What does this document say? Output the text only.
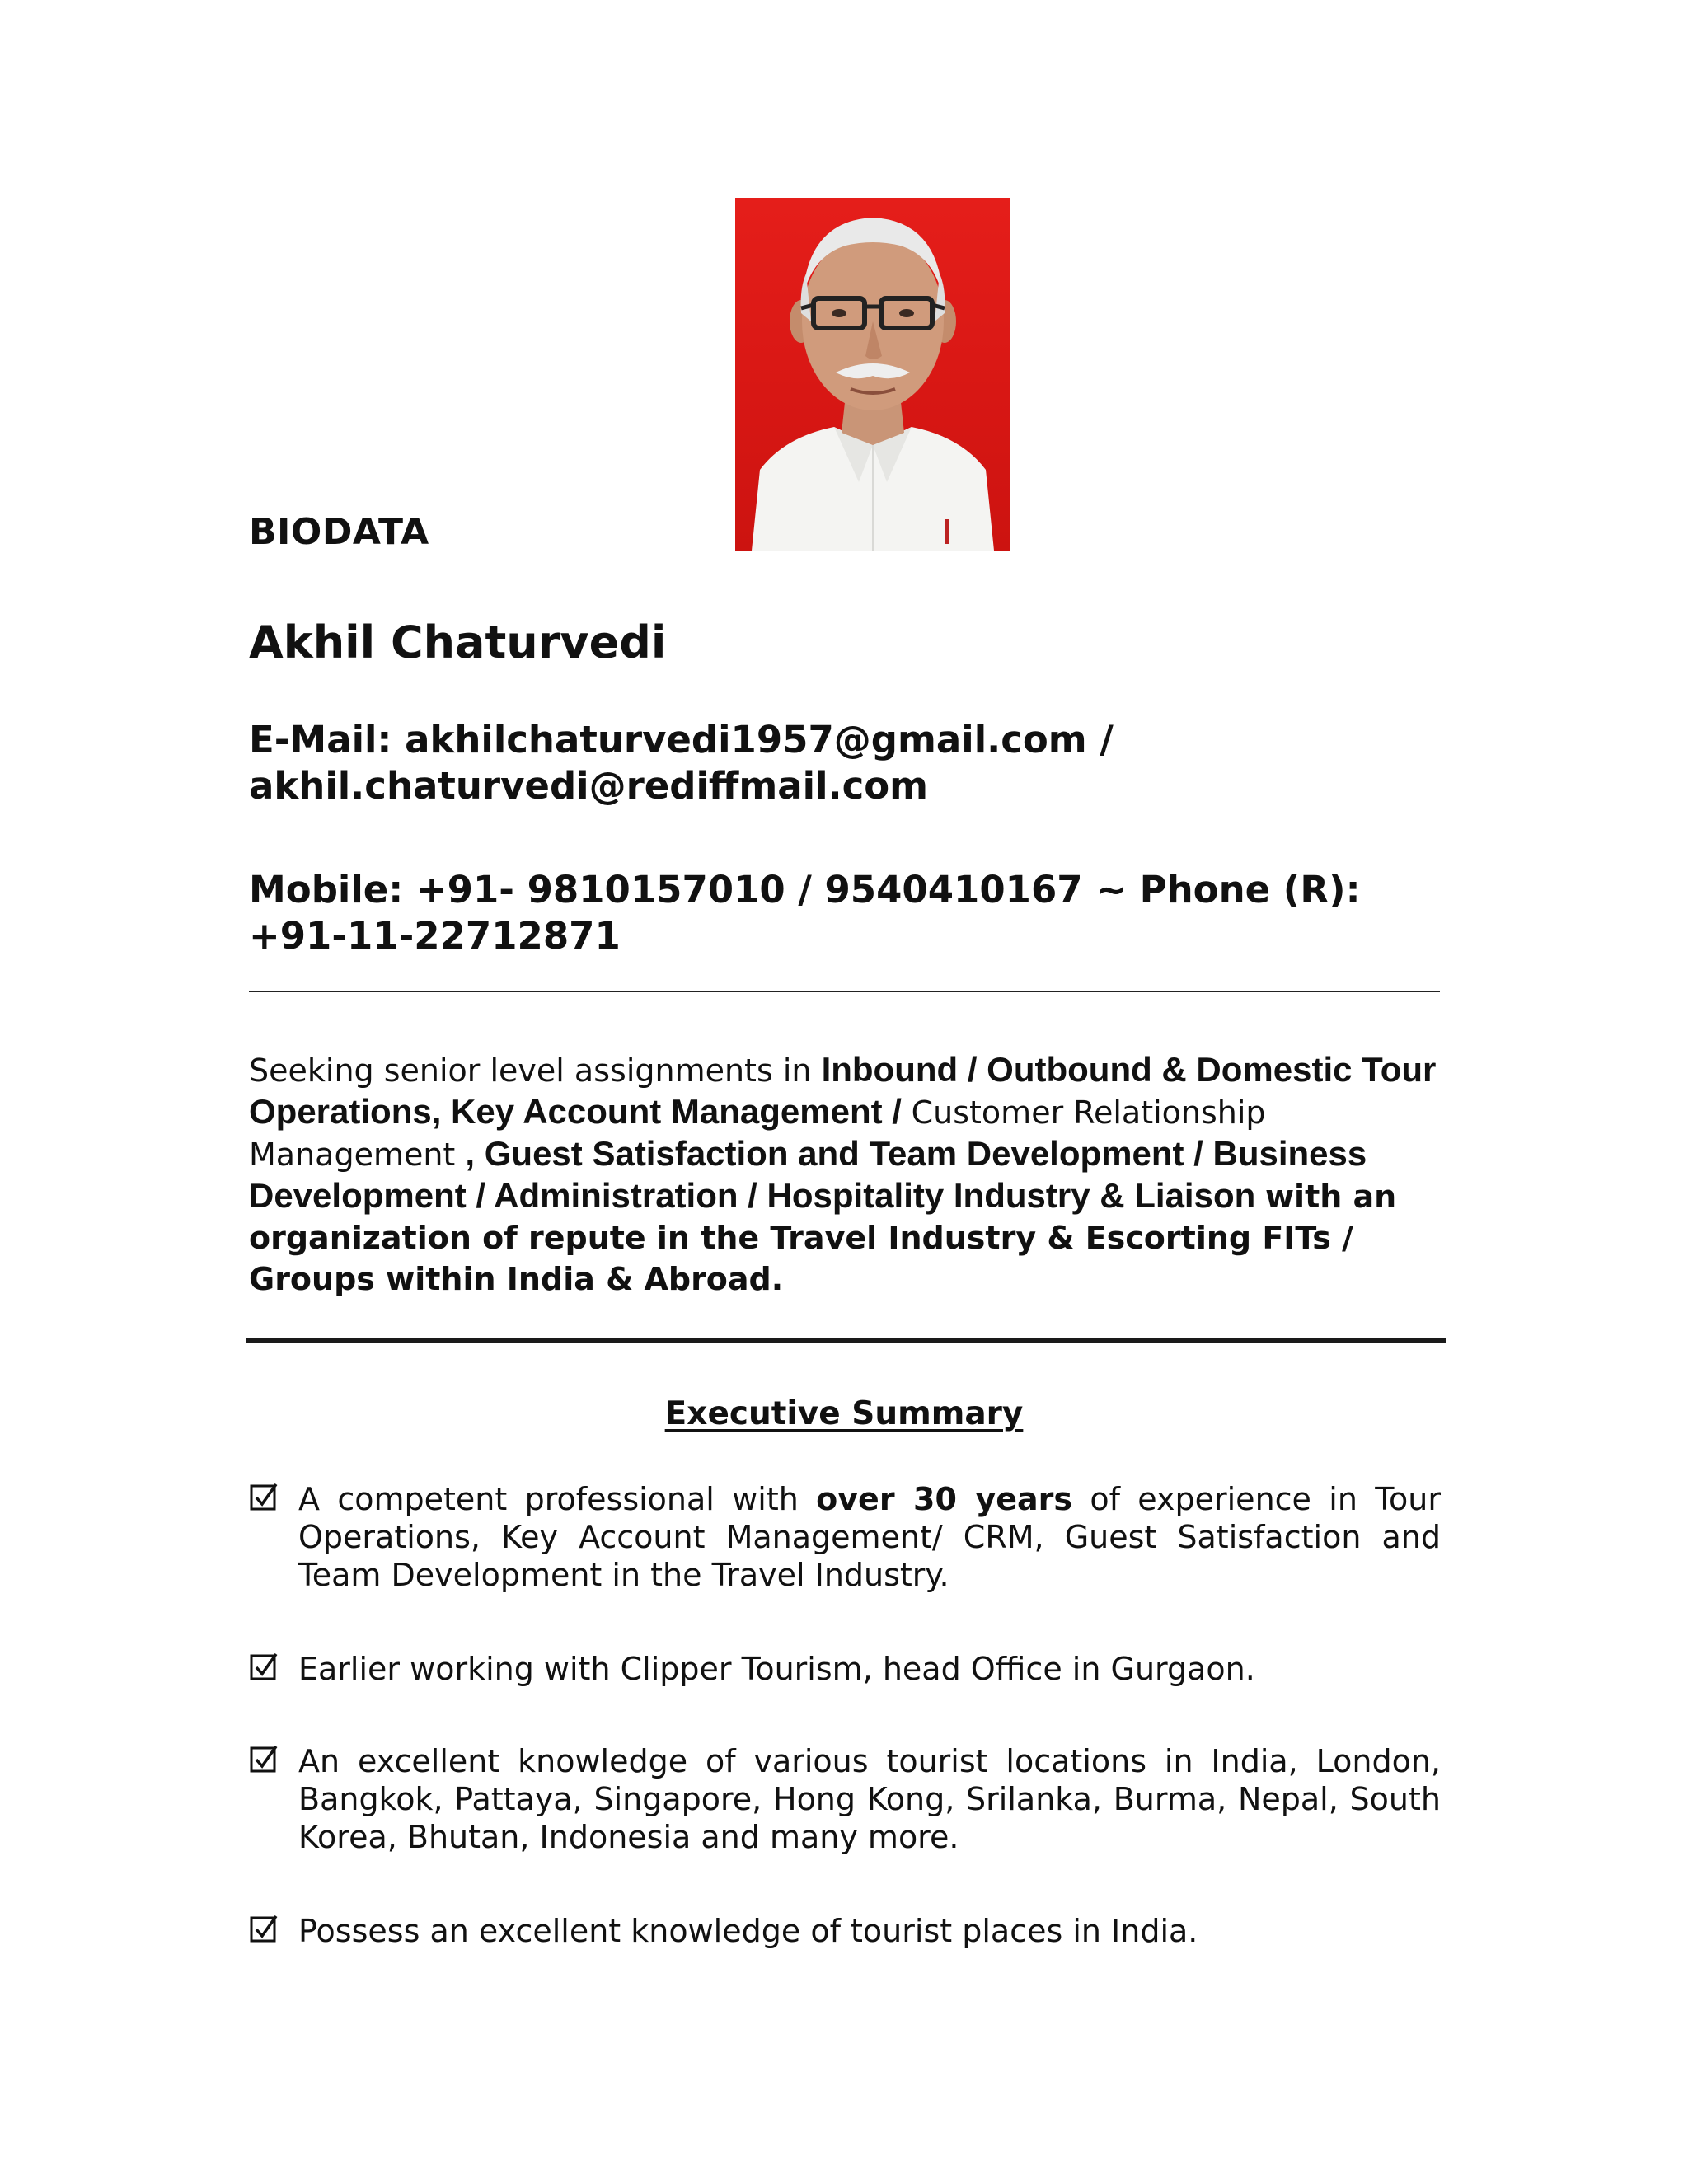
BIODATA
Akhil Chaturvedi
E-Mail: akhilchaturvedi1957@gmail.com / akhil.chaturvedi@rediffmail.com
Mobile: +91- 9810157010 / 9540410167 ~ Phone (R): +91-11-22712871
Seeking senior level assignments in Inbound / Outbound & Domestic Tour Operations, Key Account Management / Customer Relationship Management , Guest Satisfaction and Team Development / Business Development / Administration / Hospitality Industry & Liaison with an organization of repute in the Travel Industry & Escorting FITs / Groups within India & Abroad.
Executive Summary
A competent professional with over 30 years of experience in Tour Operations, Key Account Management/ CRM, Guest Satisfaction and Team Development in the Travel Industry.
Earlier working with Clipper Tourism, head Office in Gurgaon.
An excellent knowledge of various tourist locations in India, London, Bangkok, Pattaya, Singapore, Hong Kong, Srilanka, Burma, Nepal, South Korea, Bhutan, Indonesia and many more.
Possess an excellent knowledge of tourist places in India.
